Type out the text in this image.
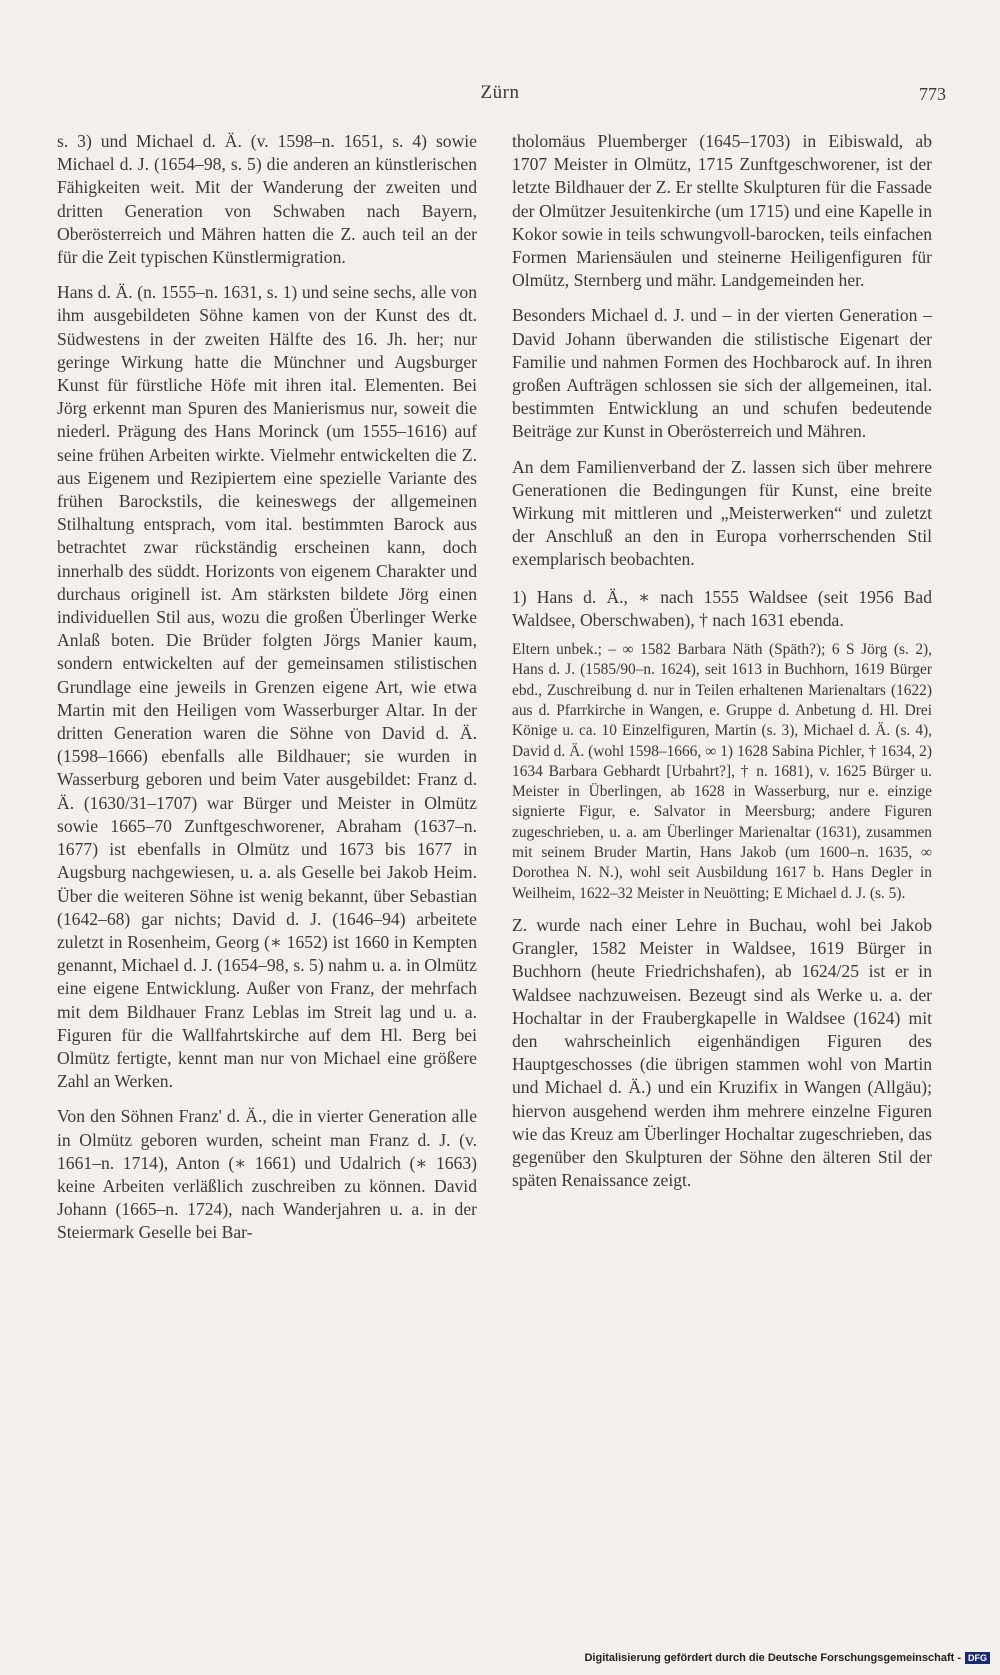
Zürn	773

s. 3) und Michael d. Ä. (v. 1598–n. 1651, s. 4) sowie Michael d. J. (1654–98, s. 5) die anderen an künstlerischen Fähigkeiten weit. Mit der Wanderung der zweiten und dritten Generation von Schwaben nach Bayern, Oberösterreich und Mähren hatten die Z. auch teil an der für die Zeit typischen Künstlermigration.

Hans d. Ä. (n. 1555–n. 1631, s. 1) und seine sechs, alle von ihm ausgebildeten Söhne kamen von der Kunst des dt. Südwestens in der zweiten Hälfte des 16. Jh. her; nur geringe Wirkung hatte die Münchner und Augsburger Kunst für fürstliche Höfe mit ihren ital. Elementen. Bei Jörg erkennt man Spuren des Manierismus nur, soweit die niederl. Prägung des Hans Morinck (um 1555–1616) auf seine frühen Arbeiten wirkte. Vielmehr entwickelten die Z. aus Eigenem und Rezipiertem eine spezielle Variante des frühen Barockstils, die keineswegs der allgemeinen Stilhaltung entsprach, vom ital. bestimmten Barock aus betrachtet zwar rückständig erscheinen kann, doch innerhalb des süddt. Horizonts von eigenem Charakter und durchaus originell ist. Am stärksten bildete Jörg einen individuellen Stil aus, wozu die großen Überlinger Werke Anlaß boten. Die Brüder folgten Jörgs Manier kaum, sondern entwickelten auf der gemeinsamen stilistischen Grundlage eine jeweils in Grenzen eigene Art, wie etwa Martin mit den Heiligen vom Wasserburger Altar. In der dritten Generation waren die Söhne von David d. Ä. (1598–1666) ebenfalls alle Bildhauer; sie wurden in Wasserburg geboren und beim Vater ausgebildet: Franz d. Ä. (1630/31–1707) war Bürger und Meister in Olmütz sowie 1665–70 Zunftgeschworener, Abraham (1637–n. 1677) ist ebenfalls in Olmütz und 1673 bis 1677 in Augsburg nachgewiesen, u. a. als Geselle bei Jakob Heim. Über die weiteren Söhne ist wenig bekannt, über Sebastian (1642–68) gar nichts; David d. J. (1646–94) arbeitete zuletzt in Rosenheim, Georg (∗ 1652) ist 1660 in Kempten genannt, Michael d. J. (1654–98, s. 5) nahm u. a. in Olmütz eine eigene Entwicklung. Außer von Franz, der mehrfach mit dem Bildhauer Franz Leblas im Streit lag und u. a. Figuren für die Wallfahrtskirche auf dem Hl. Berg bei Olmütz fertigte, kennt man nur von Michael eine größere Zahl an Werken.

Von den Söhnen Franz' d. Ä., die in vierter Generation alle in Olmütz geboren wurden, scheint man Franz d. J. (v. 1661–n. 1714), Anton (∗ 1661) und Udalrich (∗ 1663) keine Arbeiten verläßlich zuschreiben zu können. David Johann (1665–n. 1724), nach Wanderjahren u. a. in der Steiermark Geselle bei Bar-

tholomäus Pluemberger (1645–1703) in Eibiswald, ab 1707 Meister in Olmütz, 1715 Zunftgeschworener, ist der letzte Bildhauer der Z. Er stellte Skulpturen für die Fassade der Olmützer Jesuitenkirche (um 1715) und eine Kapelle in Kokor sowie in teils schwungvoll-barocken, teils einfachen Formen Mariensäulen und steinerne Heiligenfiguren für Olmütz, Sternberg und mähr. Landgemeinden her.

Besonders Michael d. J. und – in der vierten Generation – David Johann überwanden die stilistische Eigenart der Familie und nahmen Formen des Hochbarock auf. In ihren großen Aufträgen schlossen sie sich der allgemeinen, ital. bestimmten Entwicklung an und schufen bedeutende Beiträge zur Kunst in Oberösterreich und Mähren.

An dem Familienverband der Z. lassen sich über mehrere Generationen die Bedingungen für Kunst, eine breite Wirkung mit mittleren und „Meisterwerken“ und zuletzt der Anschluß an den in Europa vorherrschenden Stil exemplarisch beobachten.

1) Hans d. Ä., ∗ nach 1555 Waldsee (seit 1956 Bad Waldsee, Oberschwaben), † nach 1631 ebenda.

Eltern unbek.; – ∞ 1582 Barbara Näth (Späth?); 6 S Jörg (s. 2), Hans d. J. (1585/90–n. 1624), seit 1613 in Buchhorn, 1619 Bürger ebd., Zuschreibung d. nur in Teilen erhaltenen Marienaltars (1622) aus d. Pfarrkirche in Wangen, e. Gruppe d. Anbetung d. Hl. Drei Könige u. ca. 10 Einzelfiguren, Martin (s. 3), Michael d. Ä. (s. 4), David d. Ä. (wohl 1598–1666, ∞ 1) 1628 Sabina Pichler, † 1634, 2) 1634 Barbara Gebhardt [Urbahrt?], † n. 1681), v. 1625 Bürger u. Meister in Überlingen, ab 1628 in Wasserburg, nur e. einzige signierte Figur, e. Salvator in Meersburg; andere Figuren zugeschrieben, u. a. am Überlinger Marienaltar (1631), zusammen mit seinem Bruder Martin, Hans Jakob (um 1600–n. 1635, ∞ Dorothea N. N.), wohl seit Ausbildung 1617 b. Hans Degler in Weilheim, 1622–32 Meister in Neuötting; E Michael d. J. (s. 5).

Z. wurde nach einer Lehre in Buchau, wohl bei Jakob Grangler, 1582 Meister in Waldsee, 1619 Bürger in Buchhorn (heute Friedrichshafen), ab 1624/25 ist er in Waldsee nachzuweisen. Bezeugt sind als Werke u. a. der Hochaltar in der Fraubergkapelle in Waldsee (1624) mit den wahrscheinlich eigenhändigen Figuren des Hauptgeschosses (die übrigen stammen wohl von Martin und Michael d. Ä.) und ein Kruzifix in Wangen (Allgäu); hiervon ausgehend werden ihm mehrere einzelne Figuren wie das Kreuz am Überlinger Hochaltar zugeschrieben, das gegenüber den Skulpturen der Söhne den älteren Stil der späten Renaissance zeigt.

Digitalisierung gefördert durch die Deutsche Forschungsgemeinschaft - DFG
